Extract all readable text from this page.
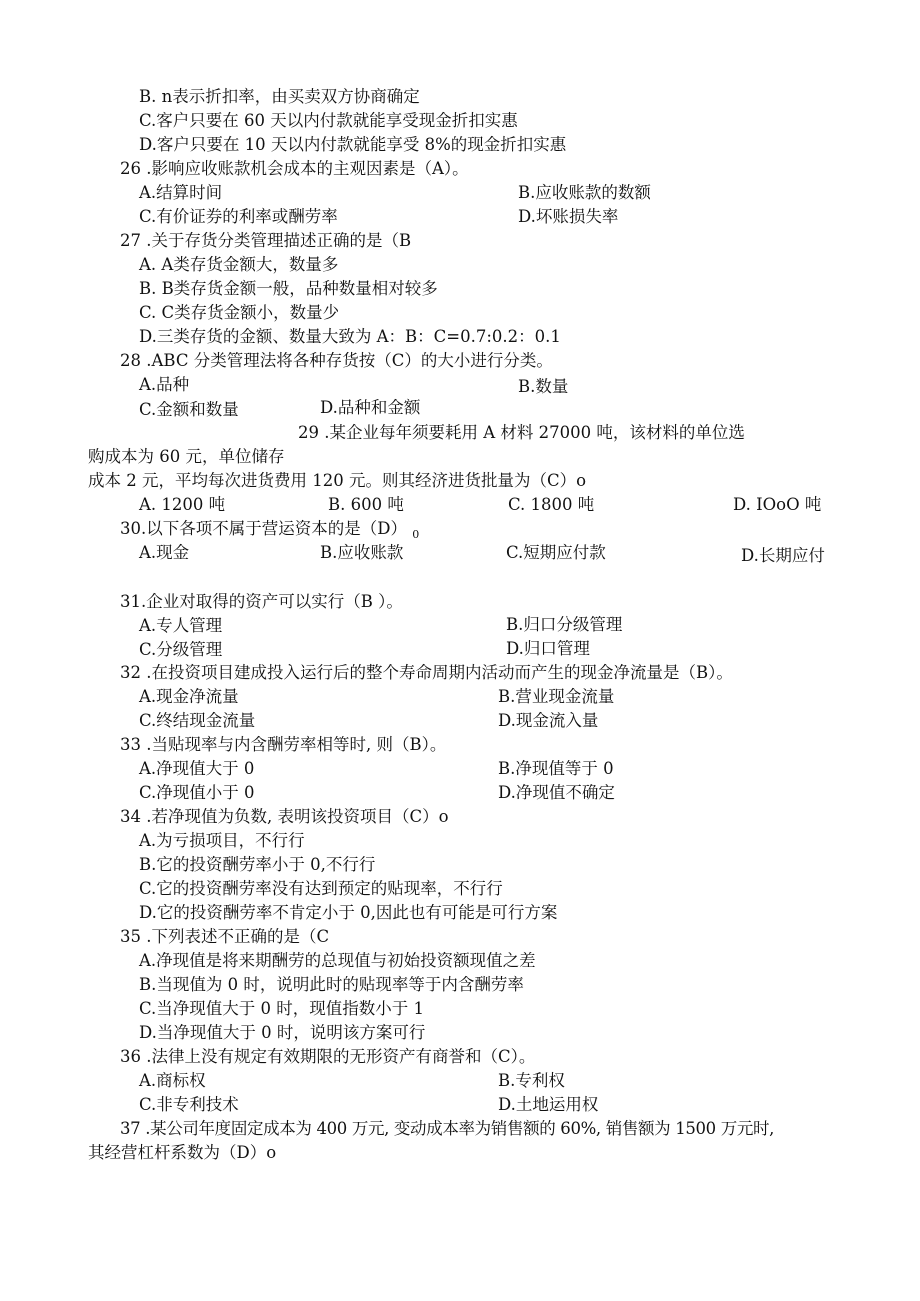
B. n表示折扣率，由买卖双方协商确定
C.客户只要在 60 天以内付款就能享受现金折扣实惠
D.客户只要在 10 天以内付款就能享受 8%的现金折扣实惠
26 .影响应收账款机会成本的主观因素是（A）。
A.结算时间	B.应收账款的数额
C.有价证券的利率或酬劳率	D.坏账损失率
27 .关于存货分类管理描述正确的是（B
A. A类存货金额大，数量多
B. B类存货金额一般，品种数量相对较多
C. C类存货金额小，数量少
D.三类存货的金额、数量大致为 A：B：C=0.7:0.2：0.1
28 .ABC 分类管理法将各种存货按（C）的大小进行分类。
A.品种	B.数量
C.金额和数量	D.品种和金额
29 .某企业每年须要耗用 A 材料 27000 吨，该材料的单位选
购成本为 60 元，单位储存
成本 2 元，平均每次进货费用 120 元。则其经济进货批量为（C）o
A. 1200 吨	B. 600 吨	C. 1800 吨	D. IOoO 吨
30.以下各项不属于营运资本的是（D） $_0$
A.现金	B.应收账款	C.短期应付款	D.长期应付
31.企业对取得的资产可以实行（B ）。
A.专人管理	B.归口分级管理
C.分级管理	D.归口管理
32 .在投资项目建成投入运行后的整个寿命周期内活动而产生的现金净流量是（B）。
A.现金净流量	B.营业现金流量
C.终结现金流量	D.现金流入量
33 .当贴现率与内含酬劳率相等时, 则（B）。
A.净现值大于 0	B.净现值等于 0
C.净现值小于 0	D.净现值不确定
34 .若净现值为负数, 表明该投资项目（C）o
A.为亏损项目，不行行
B.它的投资酬劳率小于 0,不行行
C.它的投资酬劳率没有达到预定的贴现率，不行行
D.它的投资酬劳率不肯定小于 0,因此也有可能是可行方案
35 .下列表述不正确的是（C
A.净现值是将来期酬劳的总现值与初始投资额现值之差
B.当现值为 0 时，说明此时的贴现率等于内含酬劳率
C.当净现值大于 0 时，现值指数小于 1
D.当净现值大于 0 时，说明该方案可行
36 .法律上没有规定有效期限的无形资产有商誉和（C）。
A.商标权	B.专利权
C.非专利技术	D.土地运用权
37 .某公司年度固定成本为 400 万元, 变动成本率为销售额的 60%, 销售额为 1500 万元时,
其经营杠杆系数为（D）o
